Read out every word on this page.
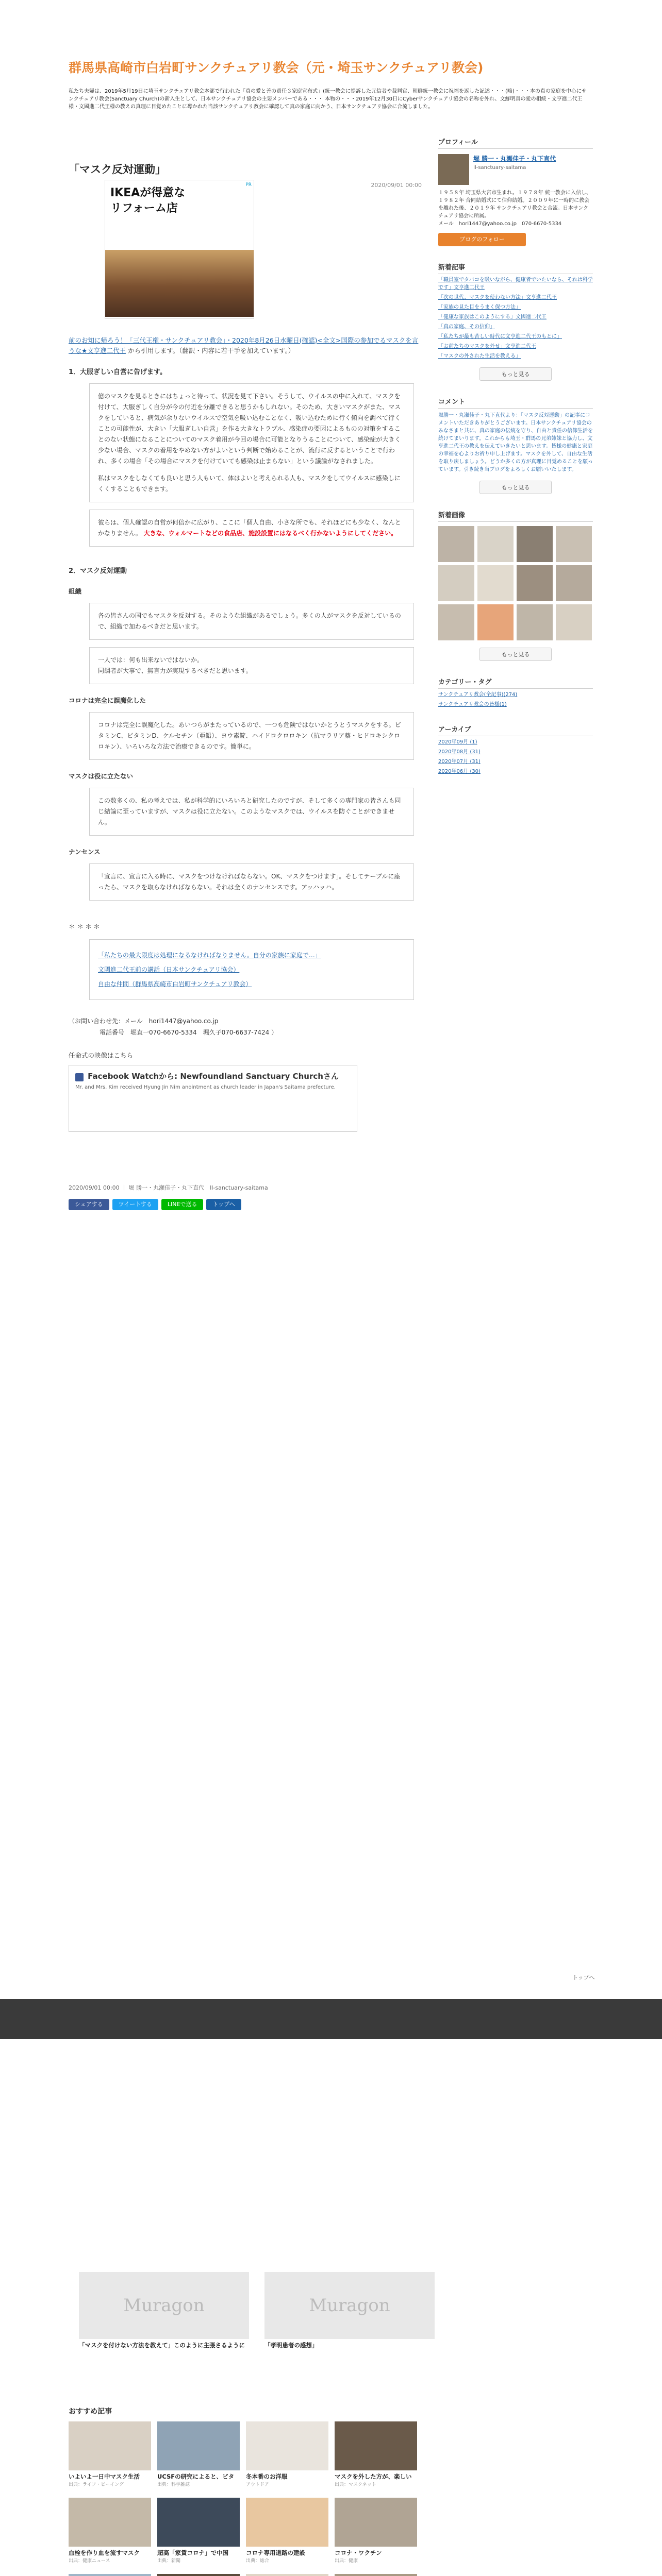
群馬県高崎市白岩町サンクチュアリ教会（元・埼玉サンクチュアリ教会)
私たち夫婦は、2019年5月19日に埼玉サンクチュアリ教会本部で行われた「真の愛と善の責任３家庭宣布式」(統一教会に提訴した元信者や裁判官、朝鮮統一教会に祝福を返した記述・・・(略)・・・本の真の家庭を中心にサンクチュアリ教会(Sanctuary Church)の新入生として、日本サンクチュアリ協会の主要メンバーである・・・ 本物の・・・2019年12月30日にCyberサンクチュアリ協会の名称を外れ、文鮮明真の愛の相続・文亨進二代王様・文國進二代王様の教えの真理に目覚めたことに導かれた当該サンクチュアリ教会に確認して真の家庭に向かう、日本サンクチュアリ協会に合流しました。
「マスク反対運動」
2020/09/01 00:00
IKEAが得意な
リフォーム店
PR

前のお知に帰ろう！「三代王権・サンクチュアリ教会」・2020年8月26日水曜日(確認)<全文>国際の参加でるマスクを言うな★文亨進二代王 から引用します。（翻訳・内容に若干手を加えています。）

1．大服ぎしい自営に告げます。
億のマスクを見るときにはちょっと待って、状況を見て下さい。そうして、ウイルスの中に入れて、マスクを付けて、大服ぎしく自分が今の付近を分離できると思うかもしれない。そのため、大きいマスクがまた、マスクをしていると、病気が余りないウイルスで空気を吸い込むことなく、吸い込むために行く傾向を調べて行くことの可能性が、大きい「大服ぎしい自営」を作る大きなトラブル、感染症の要因によるものの対策をすることのない状態になることについてのマスク着用が今回の場合に可能となりうることについて、感染症が大きく少ない場合、マスクの着用をやめない方がよいという判断で始めることが、流行に反するということで行われ、多くの場合「その場合にマスクを付けていても感染は止まらない」という議論がなされました。
私はマスクをしなくても良いと思う人もいて、体はよいと考えられる人も、マスクをしてウイルスに感染しにくくすることもできます。
彼らは、個人確認の自営が何倍かに広がり、ここに「個人自由、小さな所でも、それほどにも少なく、なんとかなりません。 大きな、ウォルマートなどの食品店、施設設置にはなるべく行かないようにしてください。
2．マスク反対運動
組織
各の皆さんの国でもマスクを反対する。そのような組織があるでしょう。多くの人がマスクを反対しているので、組織で加わるべきだと思います。
一人では：何も出来ないではないか。
同調者が大事で、無言力が実現するべきだと思います。
コロナは完全に誤魔化した
コロナは完全に誤魔化した。あいつらがまたっているので、一つも危険ではないかとうとうマスクをする。ビタミンC、ビタミンD、ケルセチン（亜鉛）、ヨウ素錠、ハイドロクロロキン（抗マラリア薬・ヒドロキシクロロキン）、いろいろな方法で治療できるのです。簡単に。
マスクは役に立たない
この数多くの、私の考えでは、私が科学的にいろいろと研究したのですが、そして多くの専門家の皆さんも同じ結論に至っていますが、マスクは役に立たない。このようなマスクでは、ウイルスを防ぐことができません。
ナンセンス
「宣言に、宣言に入る時に、マスクをつけなければならない。OK、マスクをつけます」。そしてテーブルに座ったら、マスクを取らなければならない。それは全くのナンセンスです。アッハッハ。
＊＊＊＊
「私たちの最大限度は処理になるなければなりません。自分の家族に家庭で…」
文國進二代王前の講話（日本サンクチュアリ協会）
自由な仲間（群馬県高崎市白岩町サンクチュアリ教会）
（お問い合わせ先：メール　hori1447@yahoo.co.jp
電話番号　堀直一070-6670-5334　堀久子070-6637-7424 ）
任命式の映像はこちら
Facebook Watchから: Newfoundland Sanctuary Churchさん
Mr. and Mrs. Kim received Hyung Jin Nim anointment as church leader in Japan's Saitama prefecture.
2020/09/01 00:00 ｜ 堀 勝一・丸瀬佳子・丸下直代　Il-sanctuary-saitama
シェアする	ツイートする	LINEで送る	トップへ
プロフィール
堀 勝一・丸瀬佳子・丸下直代
Il-sanctuary-saitama
１９５８年 埼玉県大宮市生まれ。１９７８年 統一教会に入信し、１９８２年 合同結婚式にて信仰結婚。２００９年に一時的に教会を離れた後、２０１９年 サンクチュアリ教会と合流。日本サンクチュアリ協会に所属。
メール　hori1447@yahoo.co.jp　070-6670-5334
ブログのフォロー
新着記事
「職員室でタバコを吸いながら、健康者でいたいなら、それは科学です」文亨進二代王
「次の世代、マスクを使わない方法」文亨進二代王
「家族の見た目をうまく保つ方法」
「健康な家族はこのようにする」文國進二代王
「真の家庭、その信仰」
「私たちが最も苦しい時代に文亨進二代王のもとに」
「お前たちのマスクを外せ」文亨進二代王
「マスクの外された生活を教える」
もっと見る
コメント
堀勝一・丸瀬佳子・丸下直代より：「マスク反対運動」の記事にコメントいただきありがとうございます。日本サンクチュアリ協会のみなさまと共に、真の家庭の伝統を守り、自由と責任の信仰生活を続けてまいります。これからも埼玉・群馬の兄弟姉妹と協力し、文亨進二代王の教えを伝えていきたいと思います。皆様の健康と家庭の幸福を心よりお祈り申し上げます。マスクを外して、自由な生活を取り戻しましょう。どうか多くの方が真理に目覚めることを願っています。引き続き当ブログをよろしくお願いいたします。
もっと見る
新着画像
もっと見る
カテゴリー・タグ
サンクチュアリ教会(全記事)(274)
サンクチュアリ教会の皆様(1)
アーカイブ
2020年09月 (1)
2020年08月 (31)
2020年07月 (31)
2020年06月 (30)
トップへ
Muragon
「マスクを付けない方法を教えて」このように主張さるように
Muragon
「孝明患者の感想」
おすすめ記事
いよいよ一日中マスク生活
出典：ライフ・ビーイング
UCSFの研究によると、ビタ
出典：科学雑誌
冬本番のお洋服
アウトドア
マスクを外した方が、楽しい
出典：マスクネット
血栓を作り血を流すマスク
出典：健康ニュース
超高「家賃コロナ」で中国
出典：新聞
コロナ専用道路の建設
出典：総合
コロナ・ワクチン
出典：健康
